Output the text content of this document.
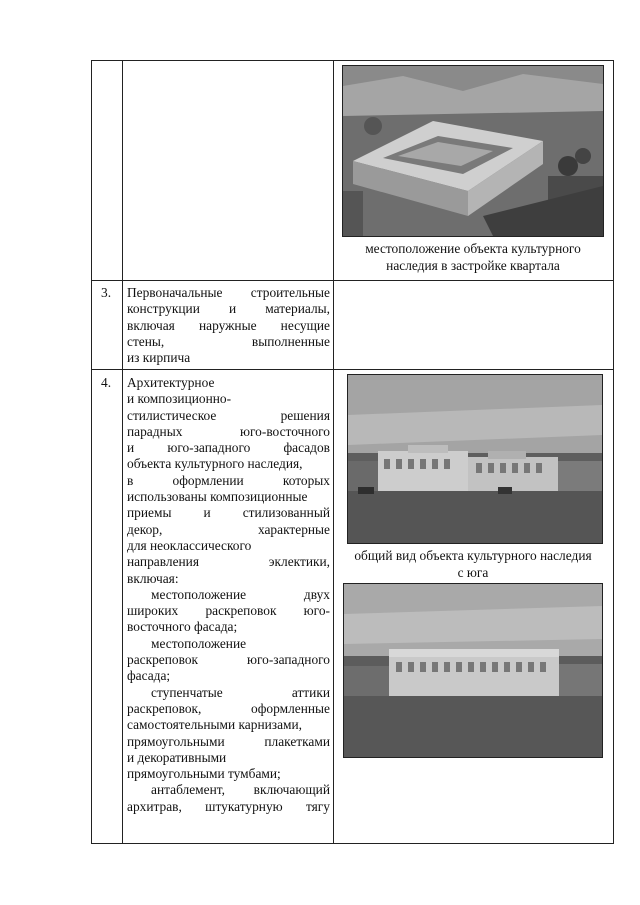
местоположение объекта культурного
наследия в застройке квартала
3. Первоначальные строительные
конструкции и материалы,
включая наружные несущие
стены, выполненные
из кирпича
4. Архитектурное
и композиционно-
стилистическое решения
парадных юго-восточного
и юго-западного фасадов
объекта культурного наследия,
в оформлении которых
использованы композиционные
приемы и стилизованный
декор, характерные
для неоклассического
направления эклектики,
включая:
местоположение двух
широких раскреповок юго-
восточного фасада;
местоположение
раскреповок юго-западного
фасада;
ступенчатые аттики
раскреповок, оформленные
самостоятельными карнизами,
прямоугольными плакетками
и декоративными
прямоугольными тумбами;
антаблемент, включающий
архитрав, штукатурную тягу
общий вид объекта культурного наследия
с юга
